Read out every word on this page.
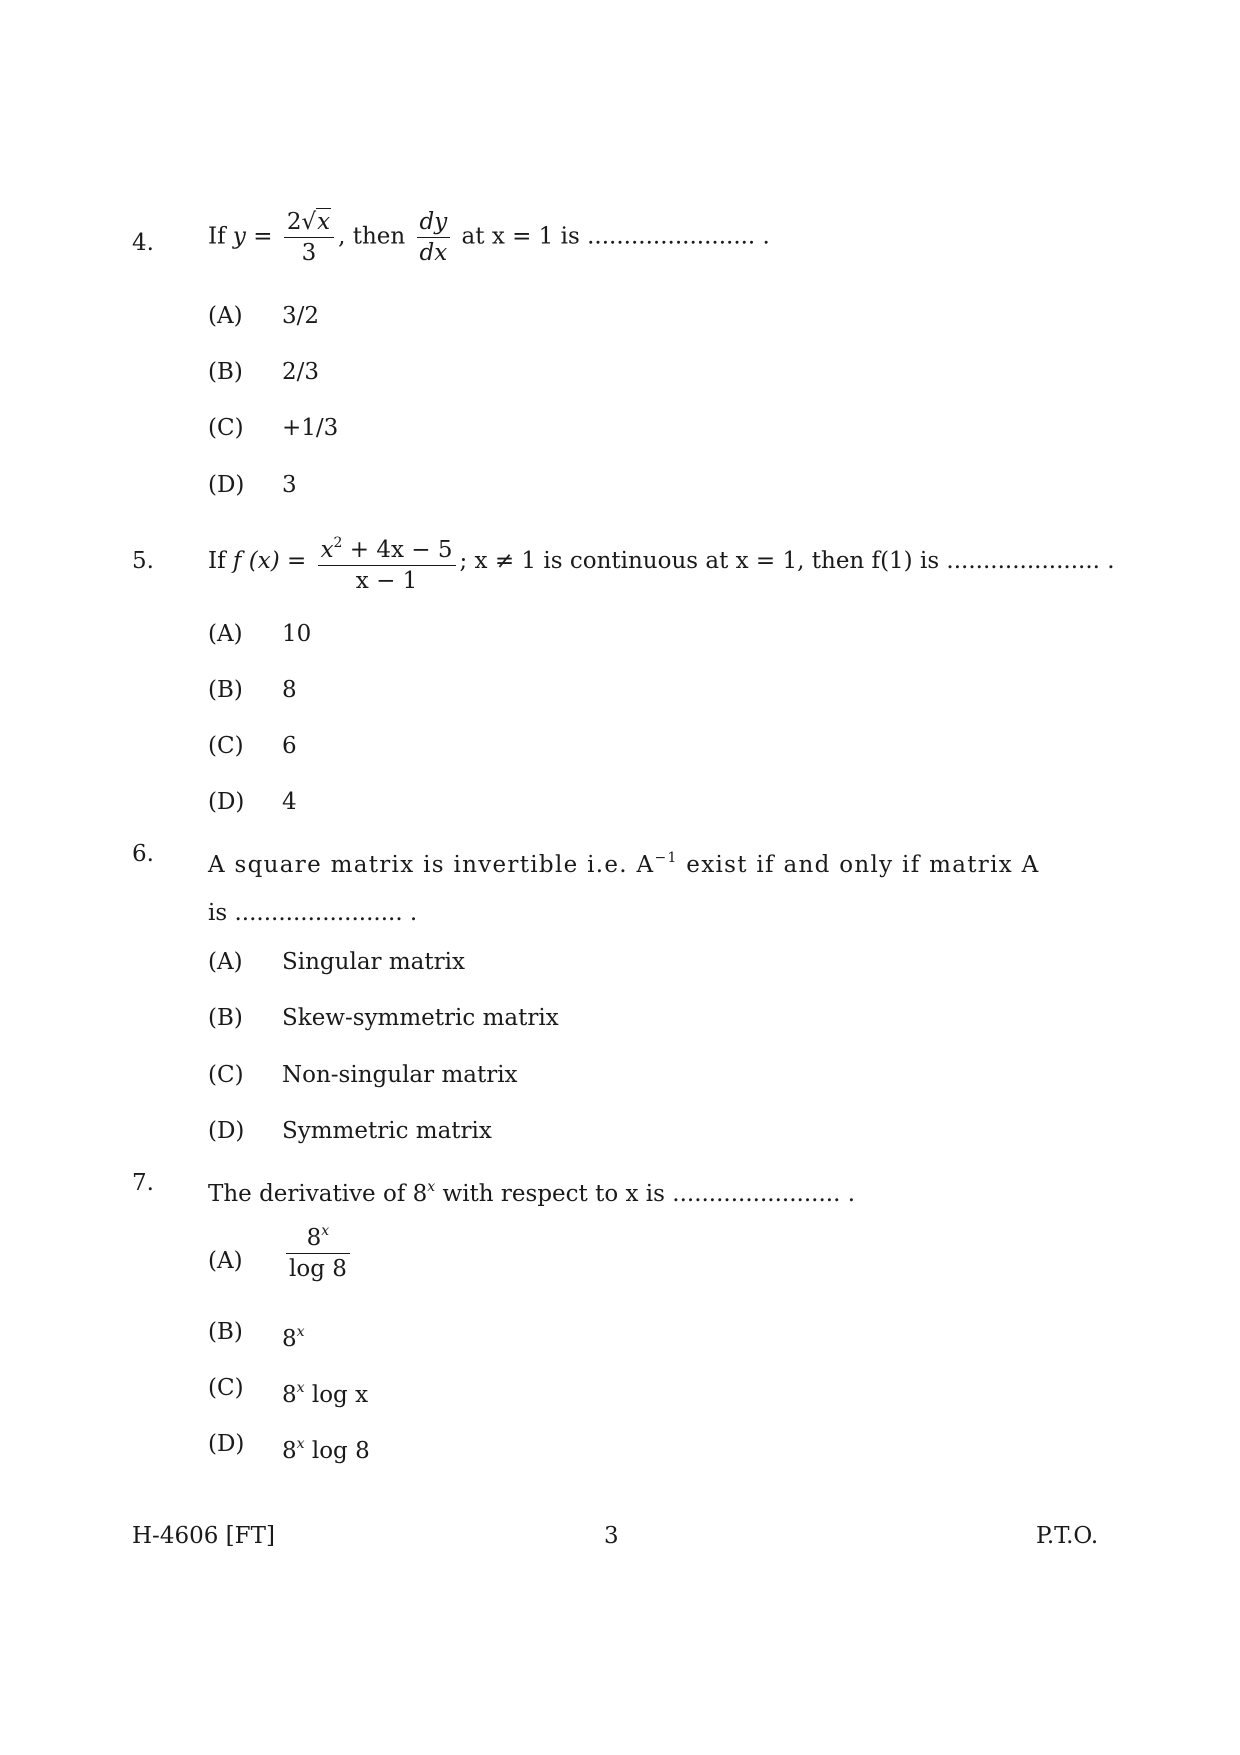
4. If $y = \frac{2√x}{3}$ , then $\frac{dy}{dx}$ at x = 1 is ....................... .
(A) 3/2
(B) 2/3
(C) +1/3
(D) 3
5. If f $(x) = \frac{x^2 + 4x - 5}{x - 1}$ ; x ≠ 1 is continuous at x = 1, then f(1) is ..................... .
(A) 10
(B) 8
(C) 6
(D) 4
6. A square matrix is invertible i.e. $A^{-1}$ exist if and only if matrix A
is ....................... .
(A) Singular matrix
(B) Skew-symmetric matrix
(C) Non-singular matrix
(D) Symmetric matrix
7. The derivative of 8$^x$ with respect to x is ....................... .
$(A) \frac{8^x}{\log 8}$
(B) 8$^x$
(C) 8$^x$ log x
(D) 8$^x$ log 8
H-4606 [FT]	3	P.T.O.
